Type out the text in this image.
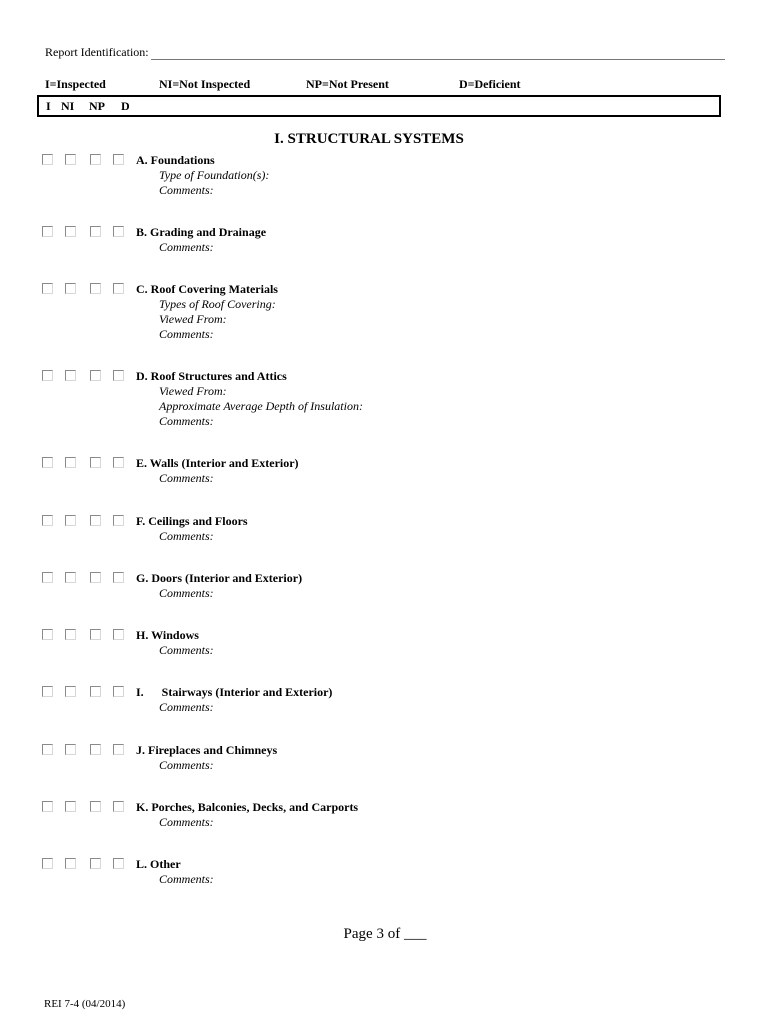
Report Identification:
I=Inspected	NI=Not Inspected	NP=Not Present	D=Deficient
I NI NP D
I. STRUCTURAL SYSTEMS
A. Foundations
Type of Foundation(s):
Comments:
B. Grading and Drainage
Comments:
C. Roof Covering Materials
Types of Roof Covering:
Viewed From:
Comments:
D. Roof Structures and Attics
Viewed From:
Approximate Average Depth of Insulation:
Comments:
E. Walls (Interior and Exterior)
Comments:
F. Ceilings and Floors
Comments:
G. Doors (Interior and Exterior)
Comments:
H. Windows
Comments:
I.      Stairways (Interior and Exterior)
Comments:
J. Fireplaces and Chimneys
Comments:
K. Porches, Balconies, Decks, and Carports
Comments:
L. Other
Comments:
Page 3 of ___
REI 7-4 (04/2014)
